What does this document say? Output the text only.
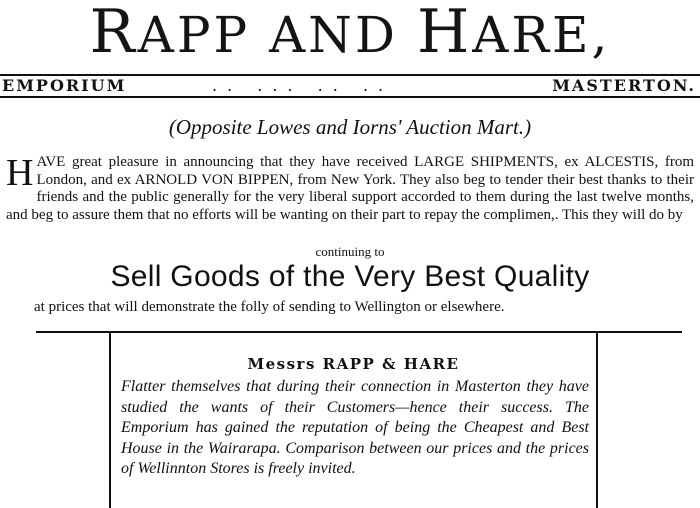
RAPP AND HARE,
EMPORIUM	.. ... .. ..	MASTERTON.
(Opposite Lowes and Iorns' Auction Mart.)
H AVE great pleasure in announcing that they have received LARGE SHIPMENTS, ex ALCESTIS, from London, and ex ARNOLD VON BIPPEN, from New York. They also beg to tender their best thanks to their friends and the public generally for the very liberal support accorded to them during the last twelve months, and beg to assure them that no efforts will be wanting on their part to repay the complimen,. This they will do by
continuing to
Sell Goods of the Very Best Quality
at prices that will demonstrate the folly of sending to Wellington or elsewhere.
Messrs RAPP & HARE
Flatter themselves that during their connection in Masterton they have studied the wants of their Customers—hence their success. The Emporium has gained the reputation of being the Cheapest and Best House in the Wairarapa. Comparison between our prices and the prices of Wellinnton Stores is freely invited.
